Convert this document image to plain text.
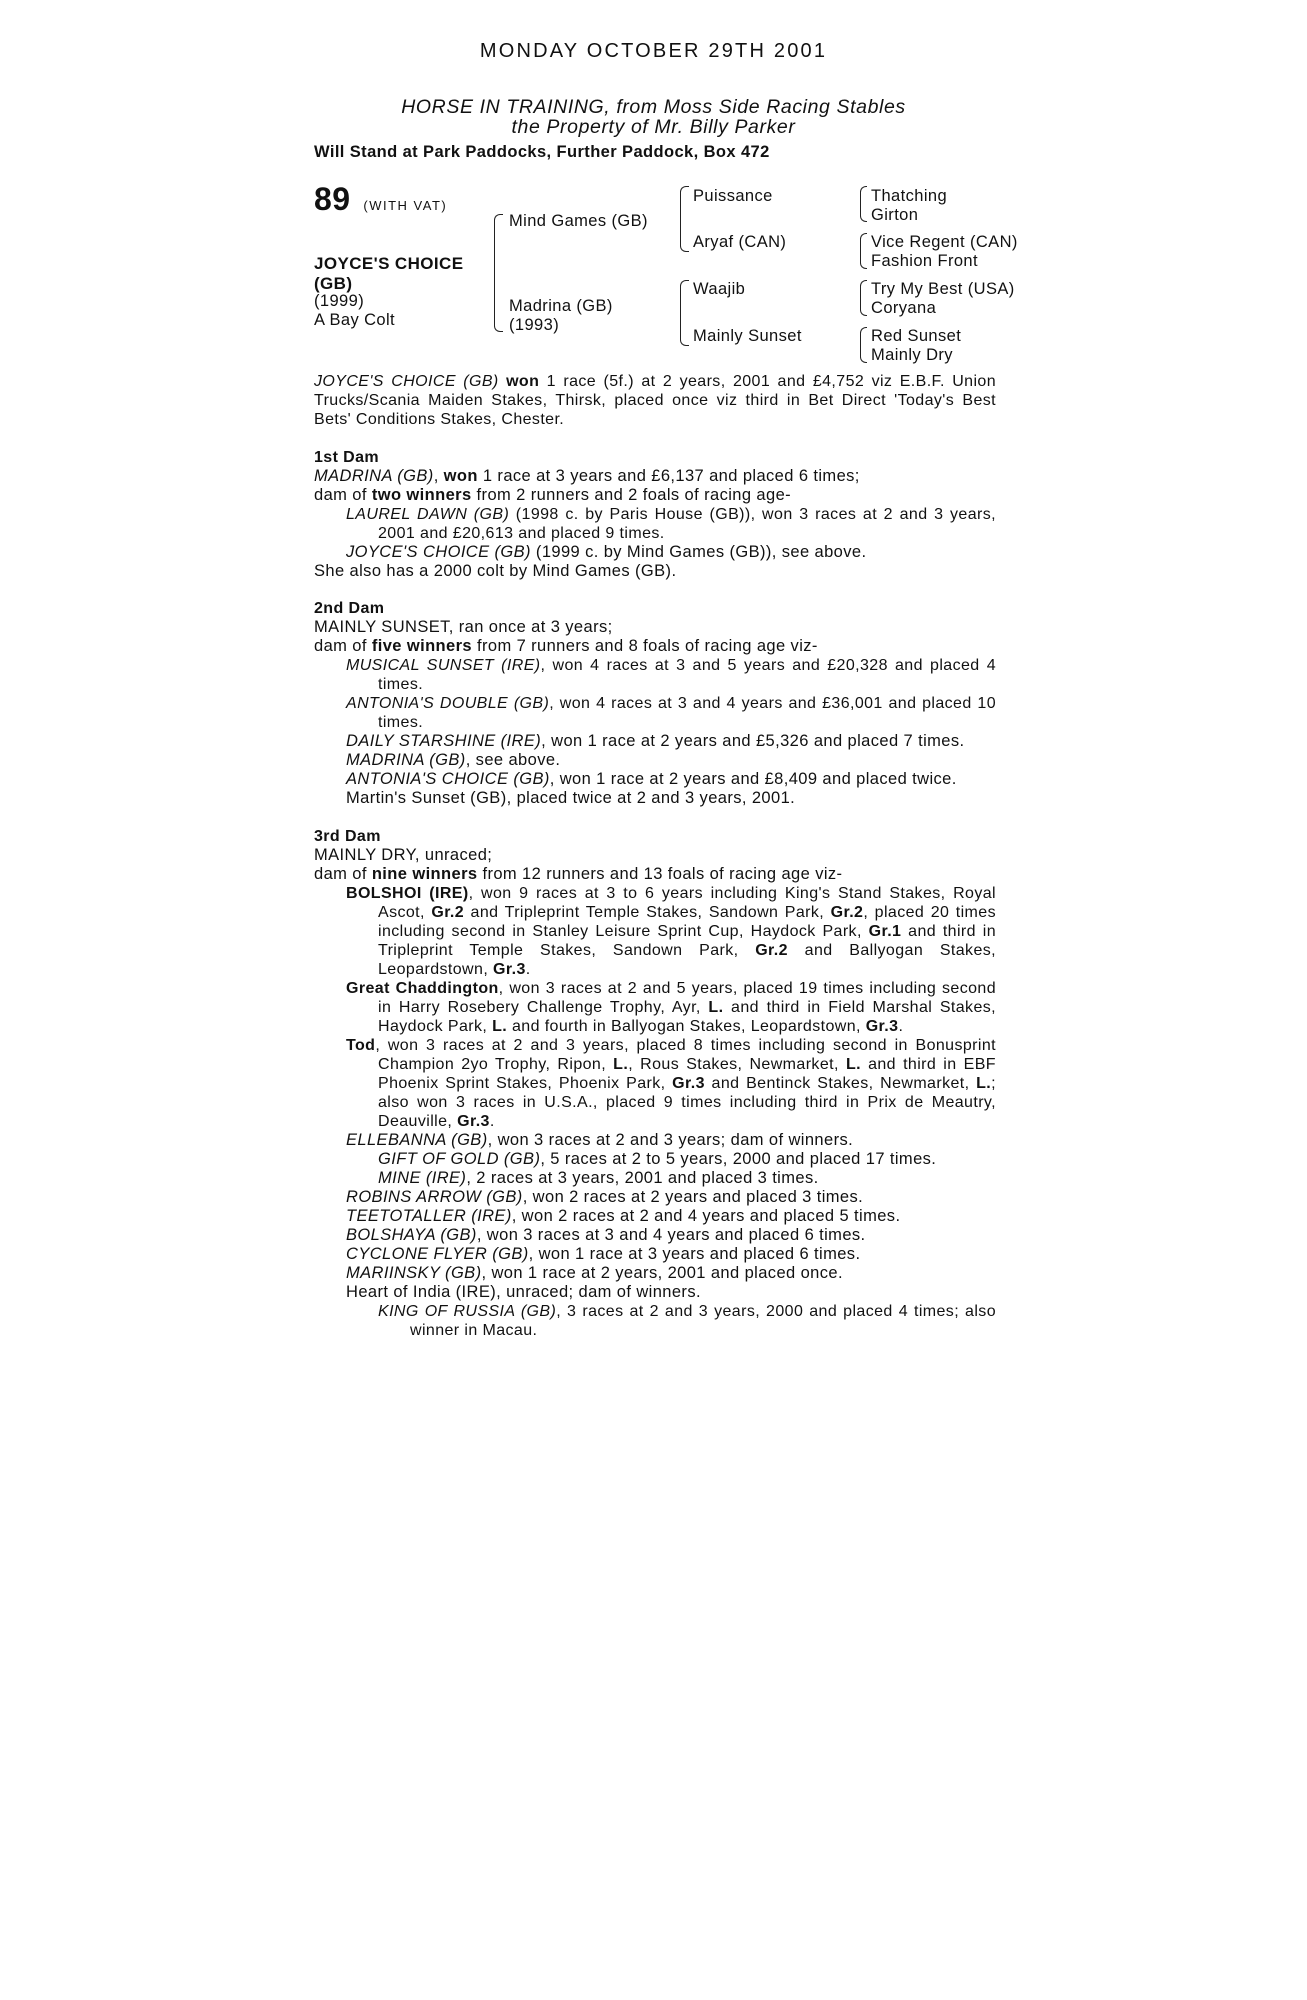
MONDAY OCTOBER 29TH 2001
HORSE IN TRAINING, from Moss Side Racing Stables
the Property of Mr. Billy Parker
Will Stand at Park Paddocks, Further Paddock, Box 472
89 (WITH VAT)
JOYCE'S CHOICE
(GB)
(1999)
A Bay Colt
Mind Games (GB)
Madrina (GB)
(1993)
Puissance
Aryaf (CAN)
Waajib
Mainly Sunset
Thatching
Girton
Vice Regent (CAN)
Fashion Front
Try My Best (USA)
Coryana
Red Sunset
Mainly Dry
JOYCE'S CHOICE (GB) won 1 race (5f.) at 2 years, 2001 and £4,752 viz E.B.F. Union Trucks/Scania Maiden Stakes, Thirsk, placed once viz third in Bet Direct 'Today's Best Bets' Conditions Stakes, Chester.
1st Dam
MADRINA (GB), won 1 race at 3 years and £6,137 and placed 6 times;
dam of two winners from 2 runners and 2 foals of racing age-
LAUREL DAWN (GB) (1998 c. by Paris House (GB)), won 3 races at 2 and 3 years, 2001 and £20,613 and placed 9 times.
JOYCE'S CHOICE (GB) (1999 c. by Mind Games (GB)), see above.
She also has a 2000 colt by Mind Games (GB).
2nd Dam
MAINLY SUNSET, ran once at 3 years;
dam of five winners from 7 runners and 8 foals of racing age viz-
MUSICAL SUNSET (IRE), won 4 races at 3 and 5 years and £20,328 and placed 4 times.
ANTONIA'S DOUBLE (GB), won 4 races at 3 and 4 years and £36,001 and placed 10 times.
DAILY STARSHINE (IRE), won 1 race at 2 years and £5,326 and placed 7 times.
MADRINA (GB), see above.
ANTONIA'S CHOICE (GB), won 1 race at 2 years and £8,409 and placed twice.
Martin's Sunset (GB), placed twice at 2 and 3 years, 2001.
3rd Dam
MAINLY DRY, unraced;
dam of nine winners from 12 runners and 13 foals of racing age viz-
BOLSHOI (IRE), won 9 races at 3 to 6 years including King's Stand Stakes, Royal Ascot, Gr.2 and Tripleprint Temple Stakes, Sandown Park, Gr.2, placed 20 times including second in Stanley Leisure Sprint Cup, Haydock Park, Gr.1 and third in Tripleprint Temple Stakes, Sandown Park, Gr.2 and Ballyogan Stakes, Leopardstown, Gr.3.
Great Chaddington, won 3 races at 2 and 5 years, placed 19 times including second in Harry Rosebery Challenge Trophy, Ayr, L. and third in Field Marshal Stakes, Haydock Park, L. and fourth in Ballyogan Stakes, Leopardstown, Gr.3.
Tod, won 3 races at 2 and 3 years, placed 8 times including second in Bonusprint Champion 2yo Trophy, Ripon, L., Rous Stakes, Newmarket, L. and third in EBF Phoenix Sprint Stakes, Phoenix Park, Gr.3 and Bentinck Stakes, Newmarket, L.; also won 3 races in U.S.A., placed 9 times including third in Prix de Meautry, Deauville, Gr.3.
ELLEBANNA (GB), won 3 races at 2 and 3 years; dam of winners.
GIFT OF GOLD (GB), 5 races at 2 to 5 years, 2000 and placed 17 times.
MINE (IRE), 2 races at 3 years, 2001 and placed 3 times.
ROBINS ARROW (GB), won 2 races at 2 years and placed 3 times.
TEETOTALLER (IRE), won 2 races at 2 and 4 years and placed 5 times.
BOLSHAYA (GB), won 3 races at 3 and 4 years and placed 6 times.
CYCLONE FLYER (GB), won 1 race at 3 years and placed 6 times.
MARIINSKY (GB), won 1 race at 2 years, 2001 and placed once.
Heart of India (IRE), unraced; dam of winners.
KING OF RUSSIA (GB), 3 races at 2 and 3 years, 2000 and placed 4 times; also winner in Macau.
